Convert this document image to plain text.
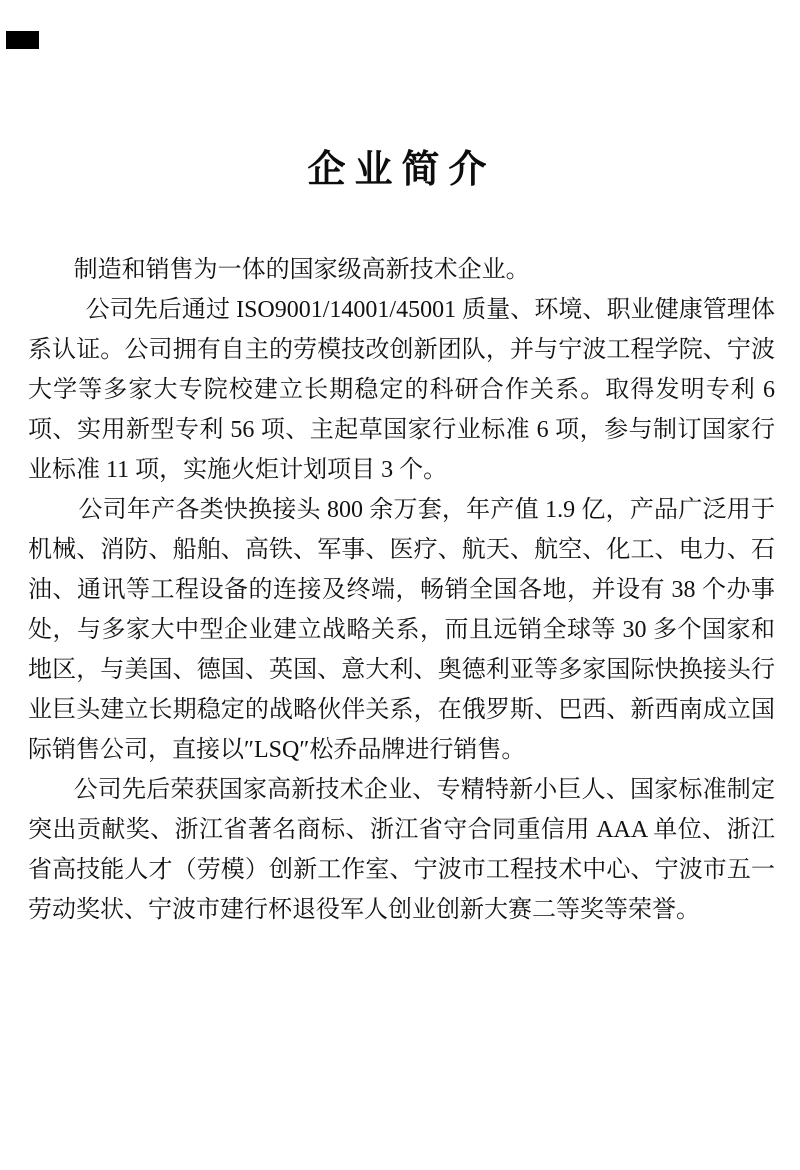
企业简介

制造和销售为一体的国家级高新技术企业。

公司先后通过 ISO9001/14001/45001 质量、环境、职业健康管理体系认证。公司拥有自主的劳模技改创新团队，并与宁波工程学院、宁波大学等多家大专院校建立长期稳定的科研合作关系。取得发明专利 6 项、实用新型专利 56 项、主起草国家行业标准 6 项，参与制订国家行业标准 11 项，实施火炬计划项目 3 个。

公司年产各类快换接头 800 余万套，年产值 1.9 亿，产品广泛用于机械、消防、船舶、高铁、军事、医疗、航天、航空、化工、电力、石油、通讯等工程设备的连接及终端，畅销全国各地，并设有 38 个办事处，与多家大中型企业建立战略关系，而且远销全球等 30 多个国家和地区，与美国、德国、英国、意大利、奥德利亚等多家国际快换接头行业巨头建立长期稳定的战略伙伴关系，在俄罗斯、巴西、新西南成立国际销售公司，直接以″LSQ″松乔品牌进行销售。

公司先后荣获国家高新技术企业、专精特新小巨人、国家标准制定突出贡献奖、浙江省著名商标、浙江省守合同重信用 AAA 单位、浙江省高技能人才（劳模）创新工作室、宁波市工程技术中心、宁波市五一劳动奖状、宁波市建行杯退役军人创业创新大赛二等奖等荣誉。
